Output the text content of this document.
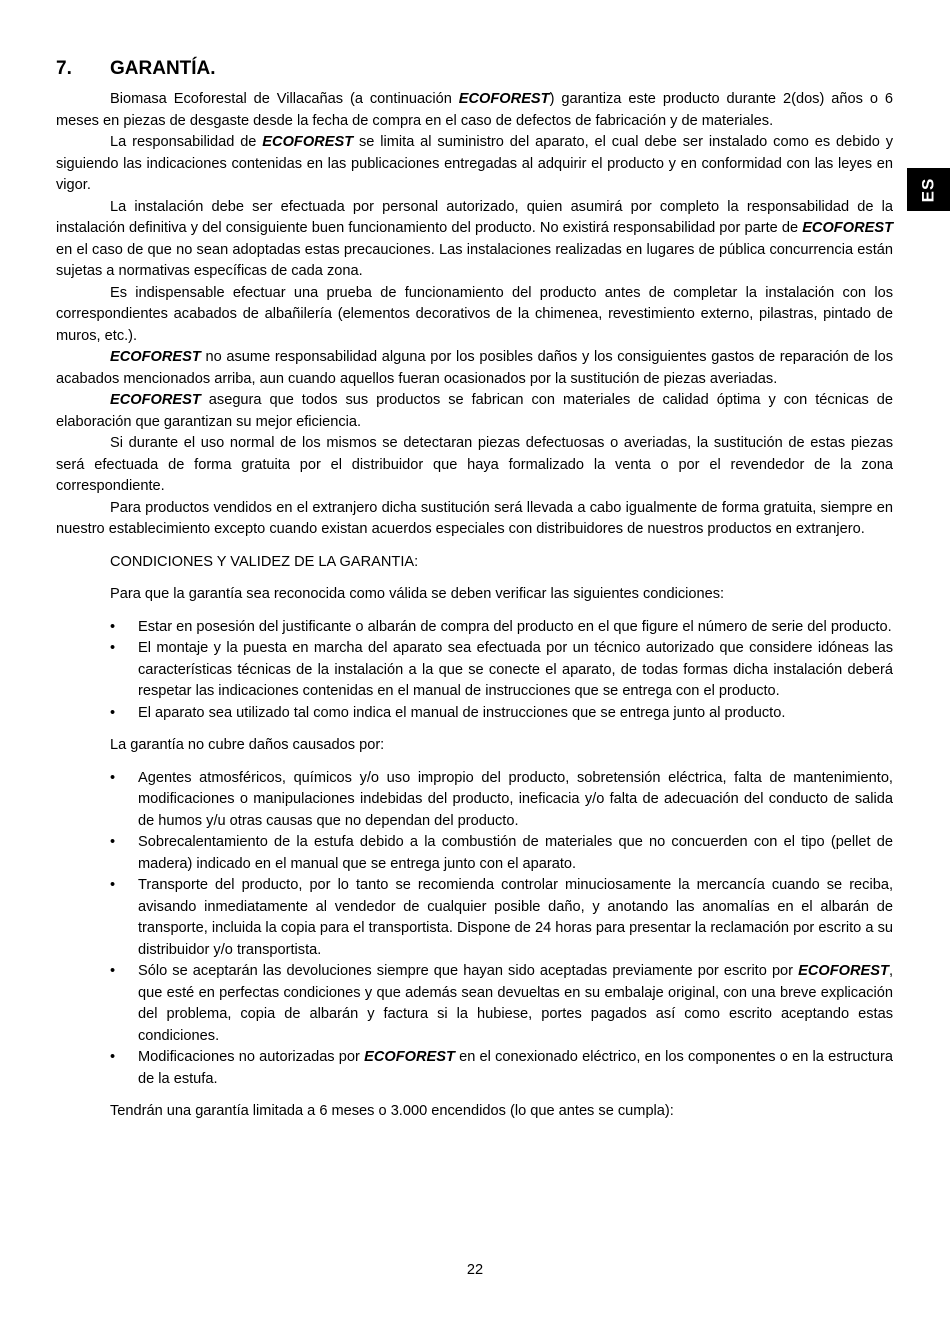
ES
7.	GARANTÍA.

Biomasa Ecoforestal de Villacañas (a continuación ECOFOREST) garantiza este producto durante 2(dos) años o 6 meses en piezas de desgaste desde la fecha de compra en el caso de defectos de fabricación y de materiales.

La responsabilidad de ECOFOREST se limita al suministro del aparato, el cual debe ser instalado como es debido y siguiendo las indicaciones contenidas en las publicaciones entregadas al adquirir el producto y en conformidad con las leyes en vigor.

La instalación debe ser efectuada por personal autorizado, quien asumirá por completo la responsabilidad de la instalación definitiva y del consiguiente buen funcionamiento del producto. No existirá responsabilidad por parte de ECOFOREST en el caso de que no sean adoptadas estas precauciones. Las instalaciones realizadas en lugares de pública concurrencia están sujetas a normativas específicas de cada zona.

Es indispensable efectuar una prueba de funcionamiento del producto antes de completar la instalación con los correspondientes acabados de albañilería (elementos decorativos de la chimenea, revestimiento externo, pilastras, pintado de muros, etc.).

ECOFOREST no asume responsabilidad alguna por los posibles daños y los consiguientes gastos de reparación de los acabados mencionados arriba, aun cuando aquellos fueran ocasionados por la sustitución de piezas averiadas.

ECOFOREST asegura que todos sus productos se fabrican con materiales de calidad óptima y con técnicas de elaboración que garantizan su mejor eficiencia.

Si durante el uso normal de los mismos se detectaran piezas defectuosas o averiadas, la sustitución de estas piezas será efectuada de forma gratuita por el distribuidor que haya formalizado la venta o por el revendedor de la zona correspondiente.

Para productos vendidos en el extranjero dicha sustitución será llevada a cabo igualmente de forma gratuita, siempre en nuestro establecimiento excepto cuando existan acuerdos especiales con distribuidores de nuestros productos en extranjero.

CONDICIONES Y VALIDEZ DE LA GARANTIA:

Para que la garantía sea reconocida como válida se deben verificar las siguientes condiciones:

• Estar en posesión del justificante o albarán de compra del producto en el que figure el número de serie del producto.
• El montaje y la puesta en marcha del aparato sea efectuada por un técnico autorizado que considere idóneas las características técnicas de la instalación a la que se conecte el aparato, de todas formas dicha instalación deberá respetar las indicaciones contenidas en el manual de instrucciones que se entrega con el producto.
• El aparato sea utilizado tal como indica el manual de instrucciones que se entrega junto al producto.

La garantía no cubre daños causados por:

• Agentes atmosféricos, químicos y/o uso impropio del producto, sobretensión eléctrica, falta de mantenimiento, modificaciones o manipulaciones indebidas del producto, ineficacia y/o falta de adecuación del conducto de salida de humos y/u otras causas que no dependan del producto.
• Sobrecalentamiento de la estufa debido a la combustión de materiales que no concuerden con el tipo (pellet de madera) indicado en el manual que se entrega junto con el aparato.
• Transporte del producto, por lo tanto se recomienda controlar minuciosamente la mercancía cuando se reciba, avisando inmediatamente al vendedor de cualquier posible daño, y anotando las anomalías en el albarán de transporte, incluida la copia para el transportista. Dispone de 24 horas para presentar la reclamación por escrito a su distribuidor y/o transportista.
• Sólo se aceptarán las devoluciones siempre que hayan sido aceptadas previamente por escrito por ECOFOREST, que esté en perfectas condiciones y que además sean devueltas en su embalaje original, con una breve explicación del problema, copia de albarán y factura si la hubiese, portes pagados así como escrito aceptando estas condiciones.
• Modificaciones no autorizadas por ECOFOREST en el conexionado eléctrico, en los componentes o en la estructura de la estufa.

Tendrán una garantía limitada a 6 meses o 3.000 encendidos (lo que antes se cumpla):

22
